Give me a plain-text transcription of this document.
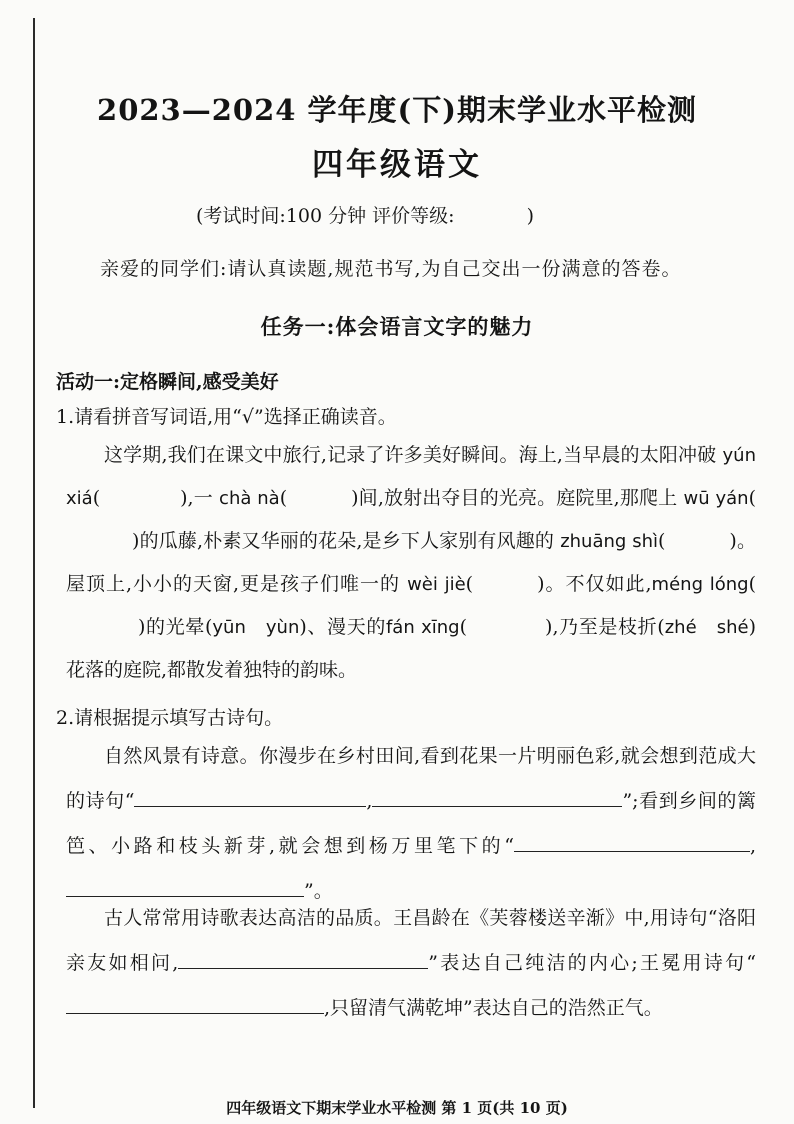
2023—2024 学年度(下)期末学业水平检测
四年级语文
(考试时间:100 分钟 评价等级:	)
亲爱的同学们:请认真读题,规范书写,为自己交出一份满意的答卷。
任务一:体会语言文字的魅力
活动一:定格瞬间,感受美好
1.请看拼音写词语,用“√”选择正确读音。
这学期,我们在课文中旅行,记录了许多美好瞬间。海上,当早晨的太阳冲破 yún xiá(	),一 chà nà(	)间,放射出夺目的光亮。庭院里,那爬上 wū yán()的瓜藤,朴素又华丽的花朵,是乡下人家别有风趣的 zhuāng shì(	)。屋顶上,小小的天窗,更是孩子们唯一的 wèi jiè(	)。不仅如此,méng lóng()的光晕(yūn yùn)、漫天的fán xīng(	),乃至是枝折(zhé shé)花落的庭院,都散发着独特的韵味。
2.请根据提示填写古诗句。
自然风景有诗意。你漫步在乡村田间,看到花果一片明丽色彩,就会想到范成大的诗句“	,	”;看到乡间的篱笆、小路和枝头新芽,就会想到杨万里笔下的“	,”。
古人常常用诗歌表达高洁的品质。王昌龄在《芙蓉楼送辛渐》中,用诗句“洛阳亲友如相问,	”表达自己纯洁的内心;王冕用诗句“,只留清气满乾坤”表达自己的浩然正气。
四年级语文下期末学业水平检测 第 1 页(共 10 页)
